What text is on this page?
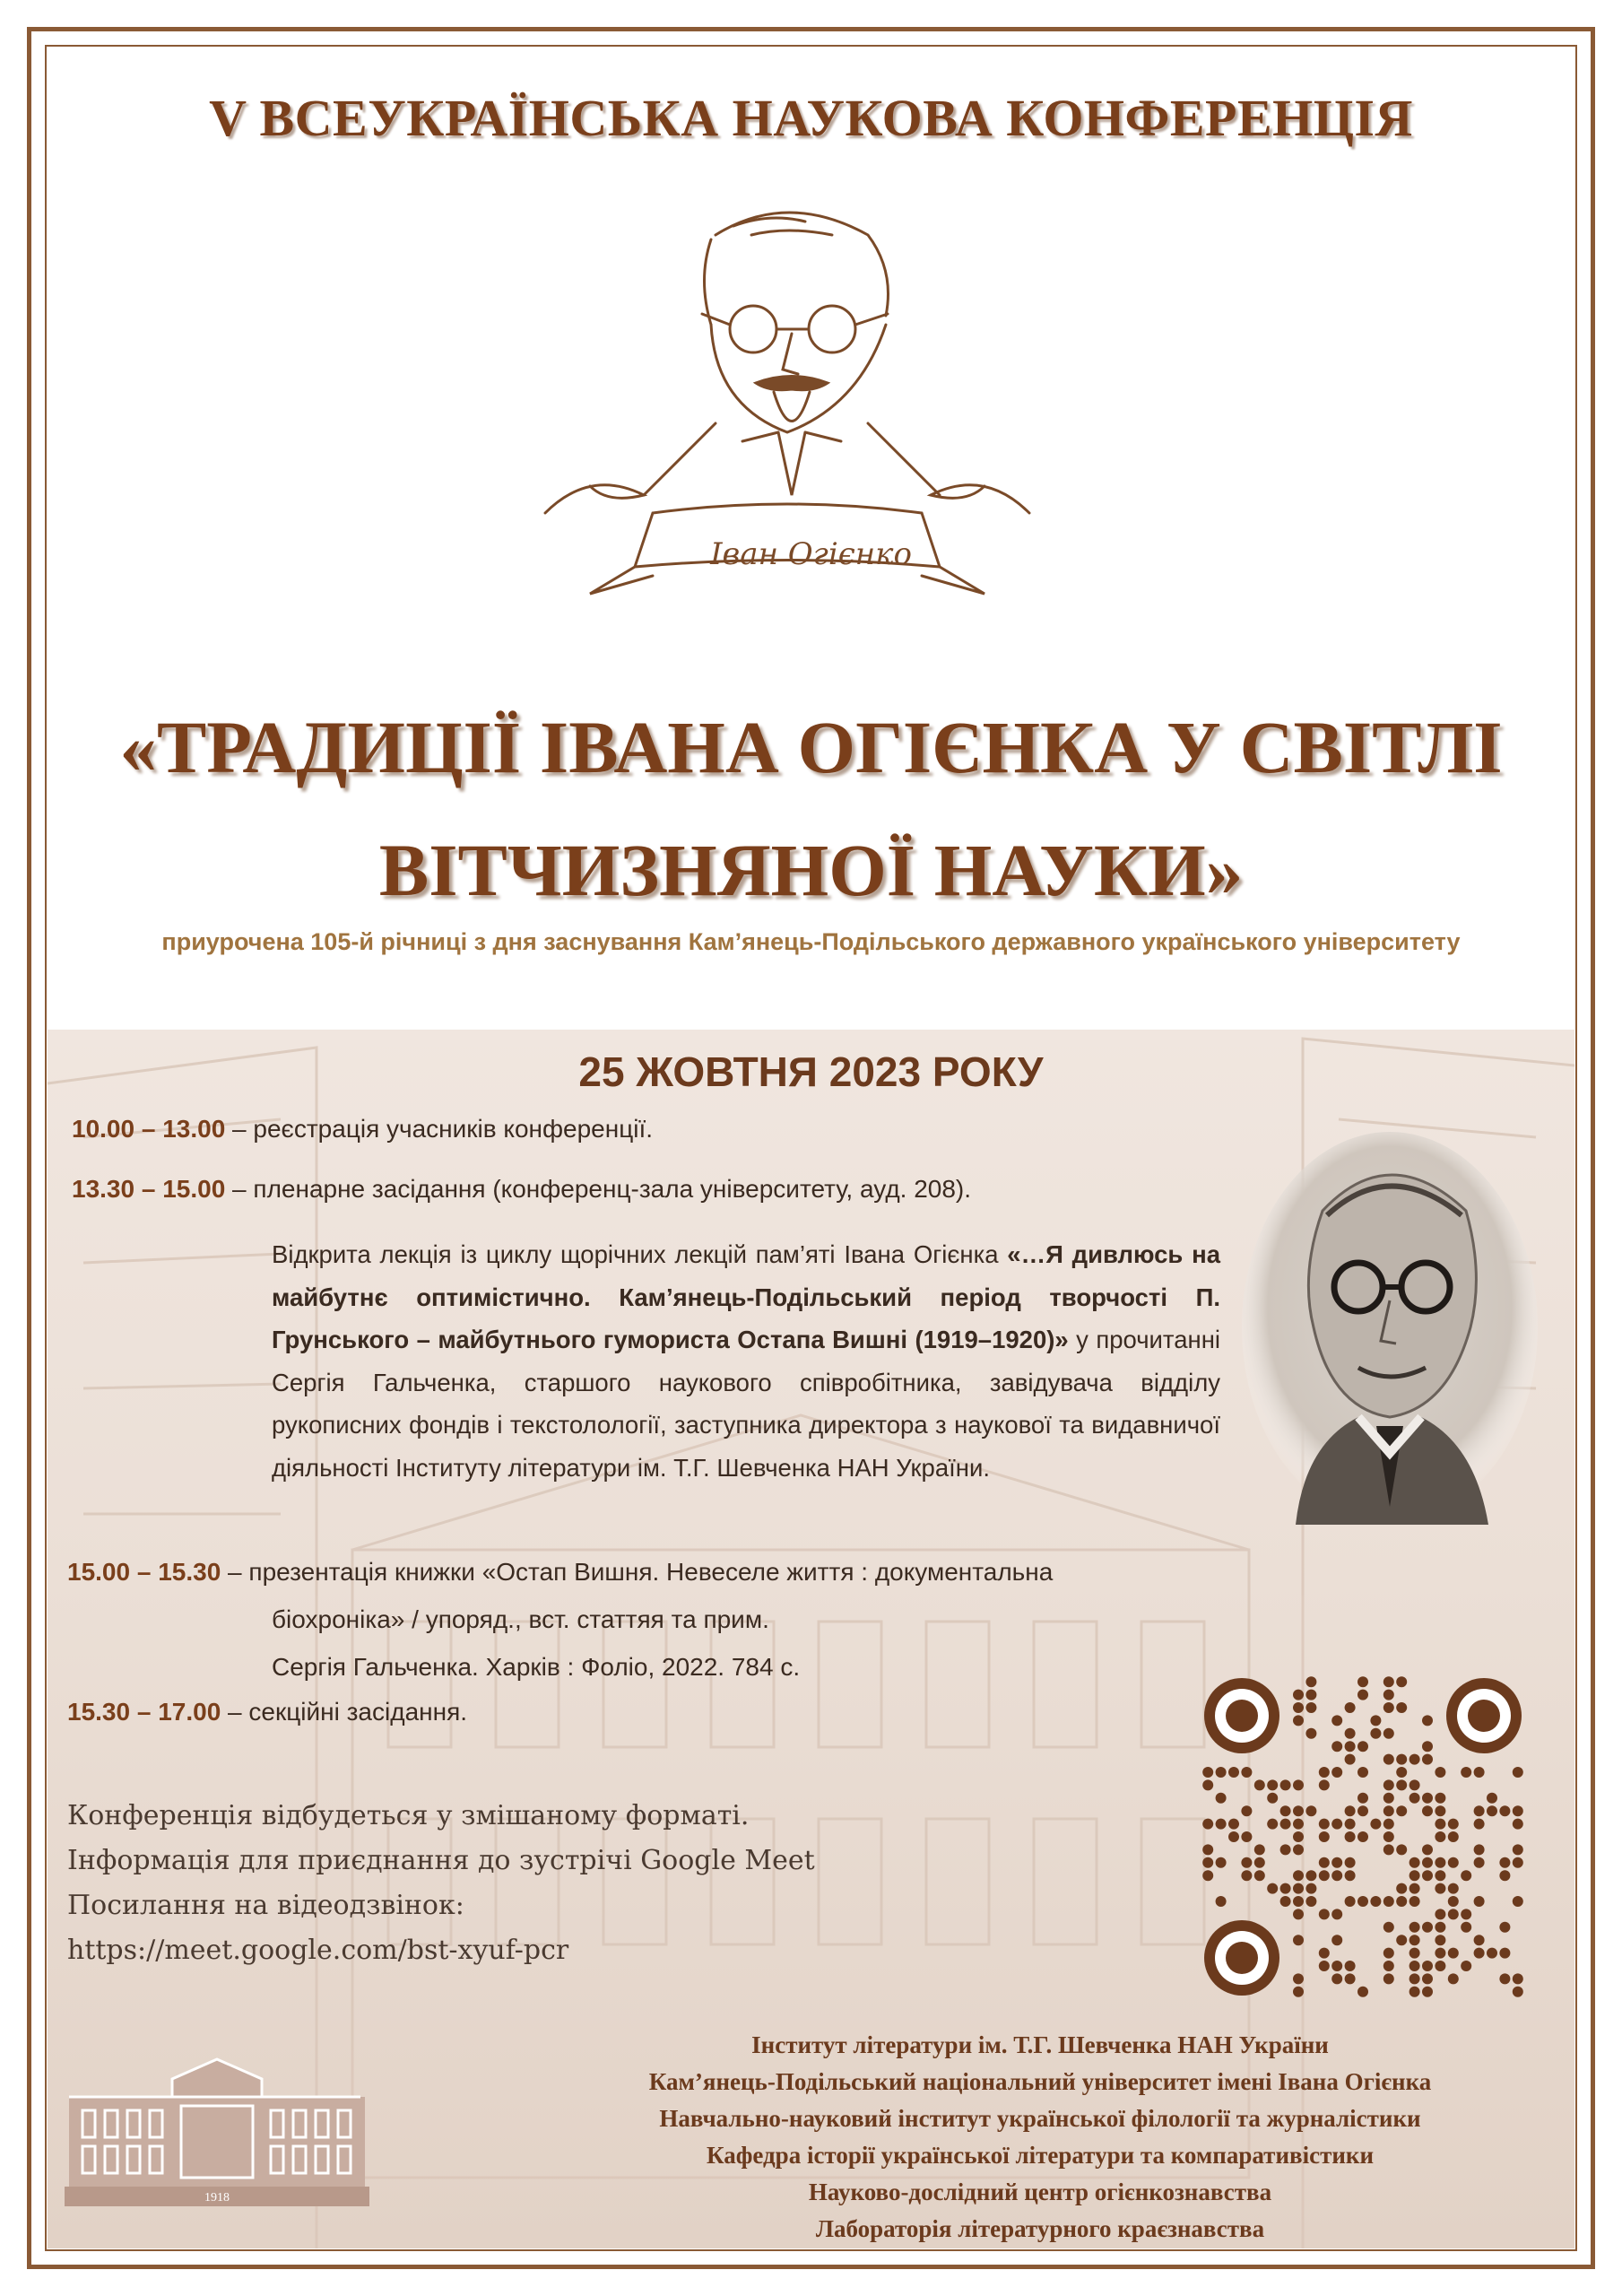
V ВСЕУКРАЇНСЬКА НАУКОВА КОНФЕРЕНЦІЯ
Іван Огієнко
«ТРАДИЦІЇ ІВАНА ОГІЄНКА У СВІТЛІ
ВІТЧИЗНЯНОЇ НАУКИ»
приурочена 105-й річниці з дня заснування Кам’янець-Подільського державного українського університету
25 ЖОВТНЯ 2023 РОКУ
10.00 – 13.00 – реєстрація учасників конференції.
13.30 – 15.00 – пленарне засідання (конференц-зала університету, ауд. 208).
Відкрита лекція із циклу щорічних лекцій пам’яті Івана Огієнка «…Я дивлюсь на майбутнє оптимістично. Кам’янець-Подільський період творчості П. Грунського – майбутнього гумориста Остапа Вишні (1919–1920)» у прочитанні Сергія Гальченка, старшого наукового співробітника, завідувача відділу рукописних фондів і текстолології, заступника директора з наукової та видавничої діяльності Інституту літератури ім. Т.Г. Шевченка НАН України.
15.00 – 15.30 – презентація книжки «Остап Вишня. Невеселе життя : документальна
біохроніка» / упоряд., вст. статтяя та прим.
Сергія Гальченка. Харків : Фоліо, 2022. 784 с.
15.30 – 17.00 – секційні засідання.
Конференція відбудеться у змішаному форматі.
Інформація для приєднання до зустрічі Google Meet
Посилання на відеодзвінок:
https://meet.google.com/bst-xyuf-pcr
1918
Інститут літератури ім. Т.Г. Шевченка НАН України
Кам’янець-Подільський національний університет імені Івана Огієнка
Навчально-науковий інститут української філології та журналістики
Кафедра історії української літератури та компаративістики
Науково-дослідний центр огієнкознавства
Лабораторія літературного краєзнавства
